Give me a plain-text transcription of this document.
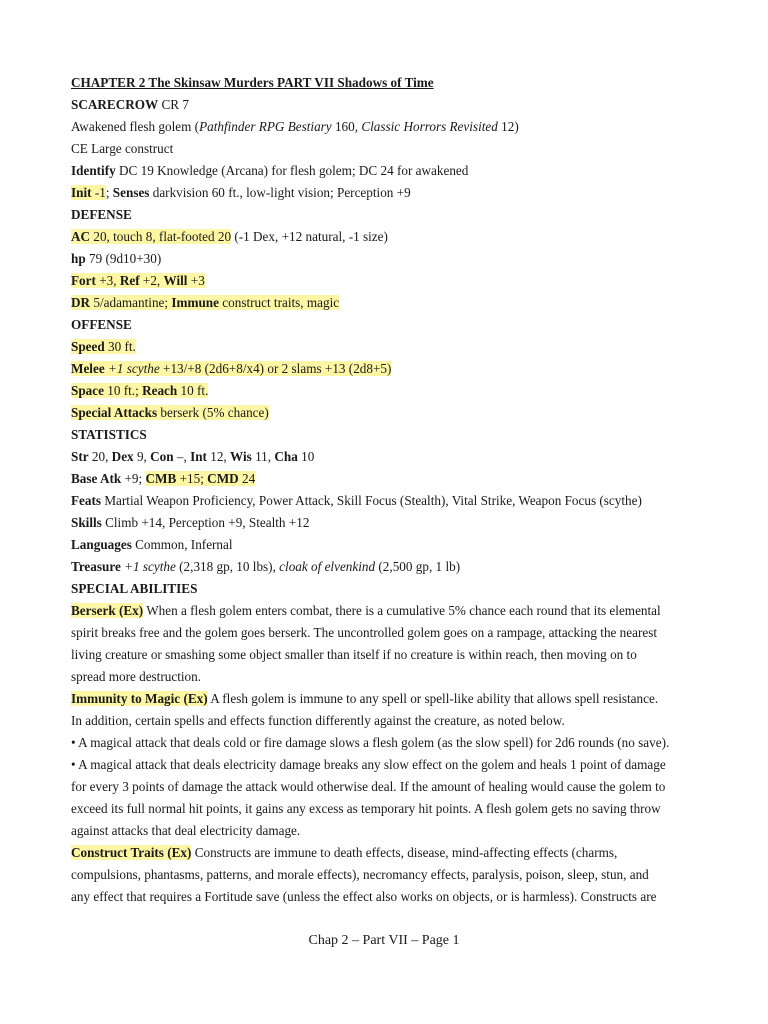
CHAPTER 2 The Skinsaw Murders PART VII Shadows of Time
SCARECROW CR 7
Awakened flesh golem (Pathfinder RPG Bestiary 160, Classic Horrors Revisited 12)
CE Large construct
Identify DC 19 Knowledge (Arcana) for flesh golem; DC 24 for awakened
Init -1; Senses darkvision 60 ft., low-light vision; Perception +9
DEFENSE
AC 20, touch 8, flat-footed 20 (-1 Dex, +12 natural, -1 size)
hp 79 (9d10+30)
Fort +3, Ref +2, Will +3
DR 5/adamantine; Immune construct traits, magic
OFFENSE
Speed 30 ft.
Melee +1 scythe +13/+8 (2d6+8/x4) or 2 slams +13 (2d8+5)
Space 10 ft.; Reach 10 ft.
Special Attacks berserk (5% chance)
STATISTICS
Str 20, Dex 9, Con –, Int 12, Wis 11, Cha 10
Base Atk +9; CMB +15; CMD 24
Feats Martial Weapon Proficiency, Power Attack, Skill Focus (Stealth), Vital Strike, Weapon Focus (scythe)
Skills Climb +14, Perception +9, Stealth +12
Languages Common, Infernal
Treasure +1 scythe (2,318 gp, 10 lbs), cloak of elvenkind (2,500 gp, 1 lb)
SPECIAL ABILITIES
Berserk (Ex) When a flesh golem enters combat, there is a cumulative 5% chance each round that its elemental
spirit breaks free and the golem goes berserk. The uncontrolled golem goes on a rampage, attacking the nearest
living creature or smashing some object smaller than itself if no creature is within reach, then moving on to
spread more destruction.
Immunity to Magic (Ex) A flesh golem is immune to any spell or spell-like ability that allows spell resistance.
In addition, certain spells and effects function differently against the creature, as noted below.
• A magical attack that deals cold or fire damage slows a flesh golem (as the slow spell) for 2d6 rounds (no save).
• A magical attack that deals electricity damage breaks any slow effect on the golem and heals 1 point of damage
for every 3 points of damage the attack would otherwise deal. If the amount of healing would cause the golem to
exceed its full normal hit points, it gains any excess as temporary hit points. A flesh golem gets no saving throw
against attacks that deal electricity damage.
Construct Traits (Ex) Constructs are immune to death effects, disease, mind-affecting effects (charms,
compulsions, phantasms, patterns, and morale effects), necromancy effects, paralysis, poison, sleep, stun, and
any effect that requires a Fortitude save (unless the effect also works on objects, or is harmless). Constructs are
Chap 2 – Part VII – Page 1
